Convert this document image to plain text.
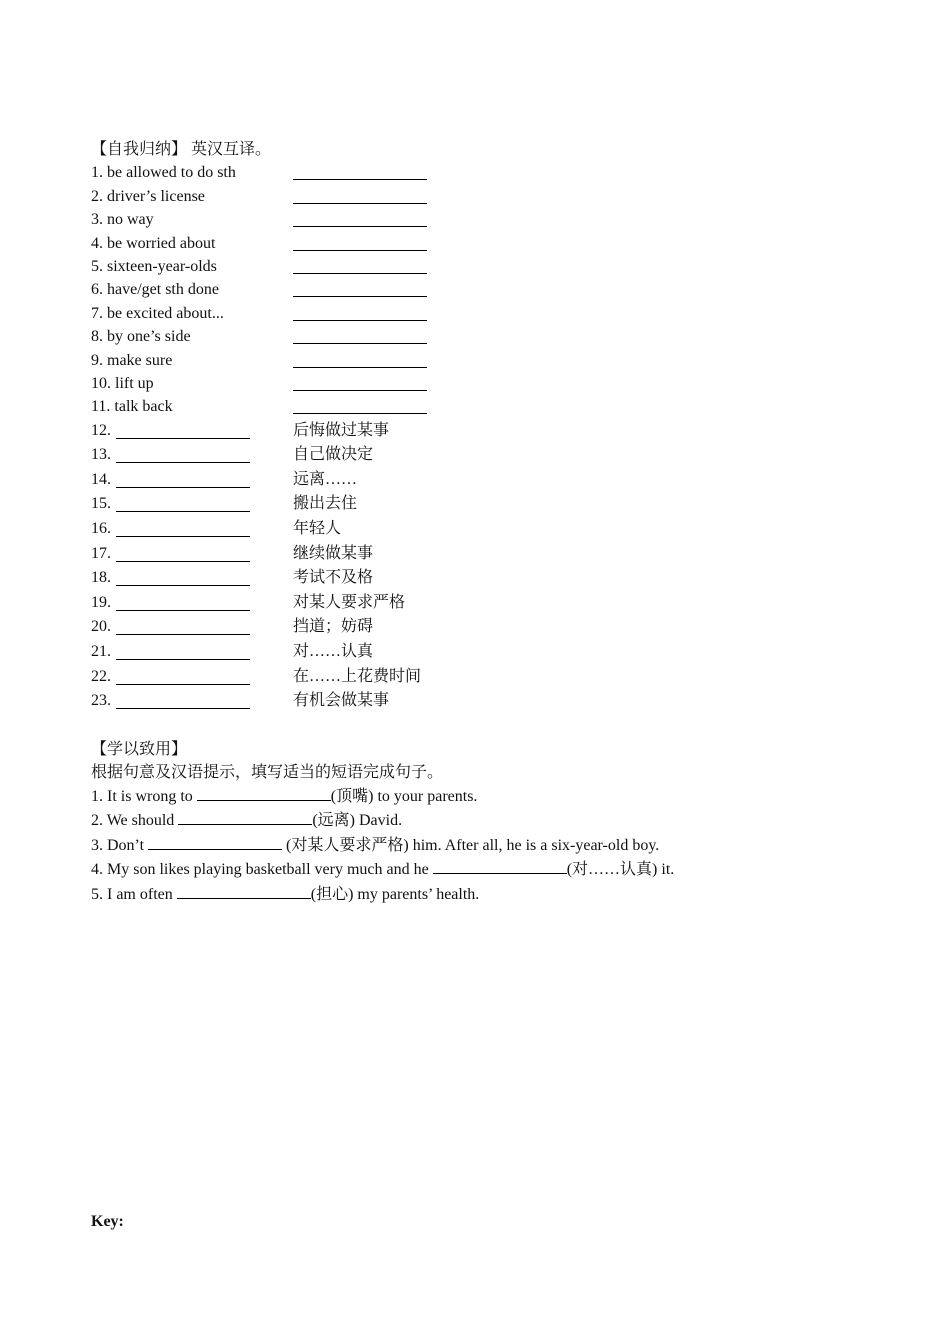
【自我归纳】 英汉互译。
1. be allowed to do sth
2. driver’s license
3. no way
4. be worried about
5. sixteen-year-olds
6. have/get sth done
7. be excited about...
8. by one’s side
9. make sure
10. lift up
11. talk back
12.	后悔做过某事
13.	自己做决定
14.	远离……
15.	搬出去住
16.	年轻人
17.	继续做某事
18.	考试不及格
19.	对某人要求严格
20.	挡道；妨碍
21.	对……认真
22.	在……上花费时间
23.	有机会做某事
【学以致用】
根据句意及汉语提示，填写适当的短语完成句子。
1. It is wrong to	(顶嘴) to your parents.
2. We should	(远离) David.
3. Don’t	(对某人要求严格) him. After all, he is a six-year-old boy.
4. My son likes playing basketball very much and he	(对……认真) it.
5. I am often	(担心) my parents’ health.
Key:
